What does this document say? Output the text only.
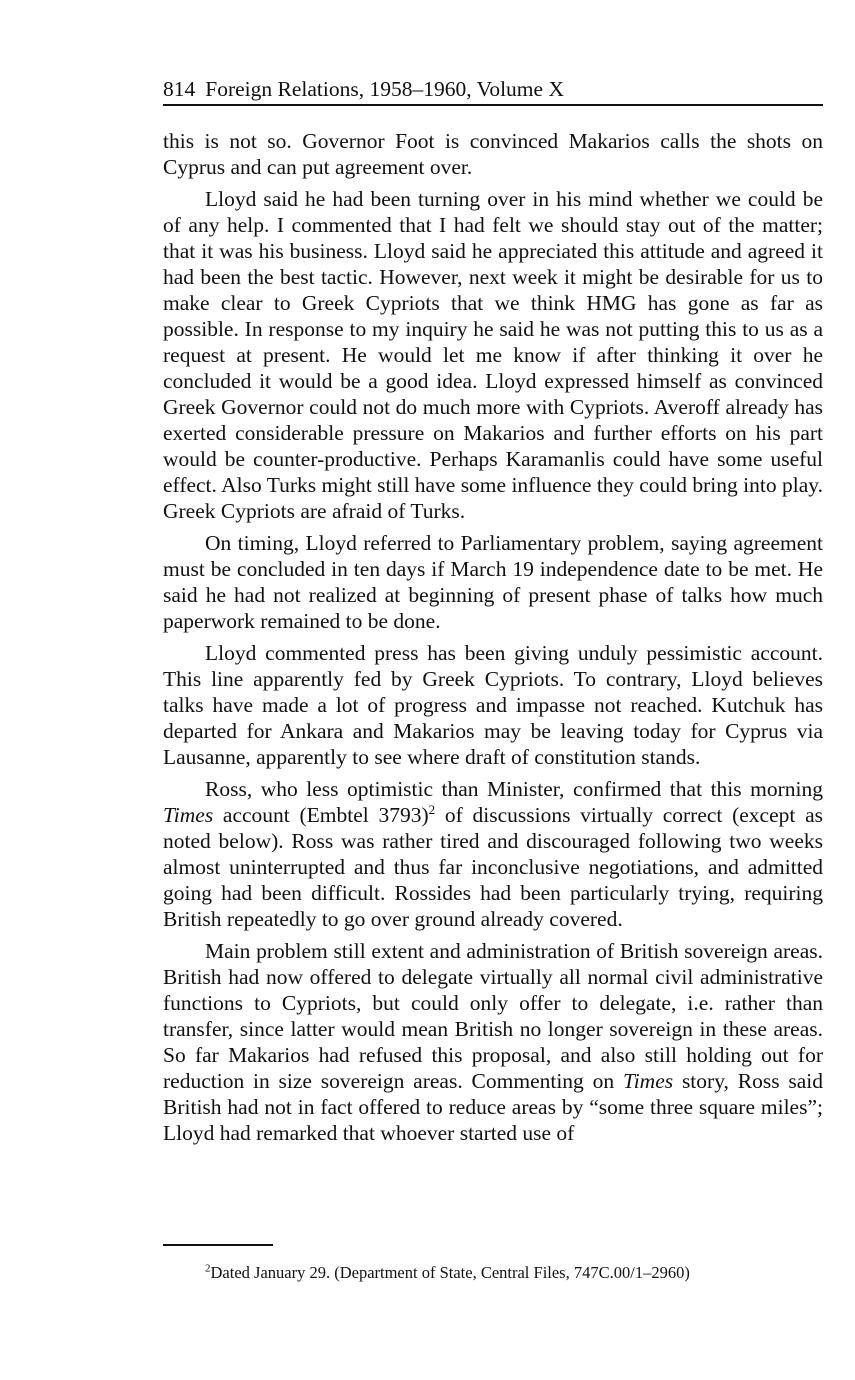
814 Foreign Relations, 1958–1960, Volume X

this is not so. Governor Foot is convinced Makarios calls the shots on Cyprus and can put agreement over.

Lloyd said he had been turning over in his mind whether we could be of any help. I commented that I had felt we should stay out of the matter; that it was his business. Lloyd said he appreciated this attitude and agreed it had been the best tactic. However, next week it might be desirable for us to make clear to Greek Cypriots that we think HMG has gone as far as possible. In response to my inquiry he said he was not putting this to us as a request at present. He would let me know if after thinking it over he concluded it would be a good idea. Lloyd expressed himself as convinced Greek Governor could not do much more with Cypriots. Averoff already has exerted considerable pressure on Makarios and further efforts on his part would be counter-productive. Perhaps Karamanlis could have some useful effect. Also Turks might still have some influence they could bring into play. Greek Cypriots are afraid of Turks.

On timing, Lloyd referred to Parliamentary problem, saying agreement must be concluded in ten days if March 19 independence date to be met. He said he had not realized at beginning of present phase of talks how much paperwork remained to be done.

Lloyd commented press has been giving unduly pessimistic account. This line apparently fed by Greek Cypriots. To contrary, Lloyd believes talks have made a lot of progress and impasse not reached. Kutchuk has departed for Ankara and Makarios may be leaving today for Cyprus via Lausanne, apparently to see where draft of constitution stands.

Ross, who less optimistic than Minister, confirmed that this morning Times account (Embtel 3793)$^2$ of discussions virtually correct (except as noted below). Ross was rather tired and discouraged following two weeks almost uninterrupted and thus far inconclusive negotiations, and admitted going had been difficult. Rossides had been particularly trying, requiring British repeatedly to go over ground already covered.

Main problem still extent and administration of British sovereign areas. British had now offered to delegate virtually all normal civil administrative functions to Cypriots, but could only offer to delegate, i.e. rather than transfer, since latter would mean British no longer sovereign in these areas. So far Makarios had refused this proposal, and also still holding out for reduction in size sovereign areas. Commenting on Times story, Ross said British had not in fact offered to reduce areas by “some three square miles”; Lloyd had remarked that whoever started use of

$^2$Dated January 29. (Department of State, Central Files, 747C.00/1–2960)
